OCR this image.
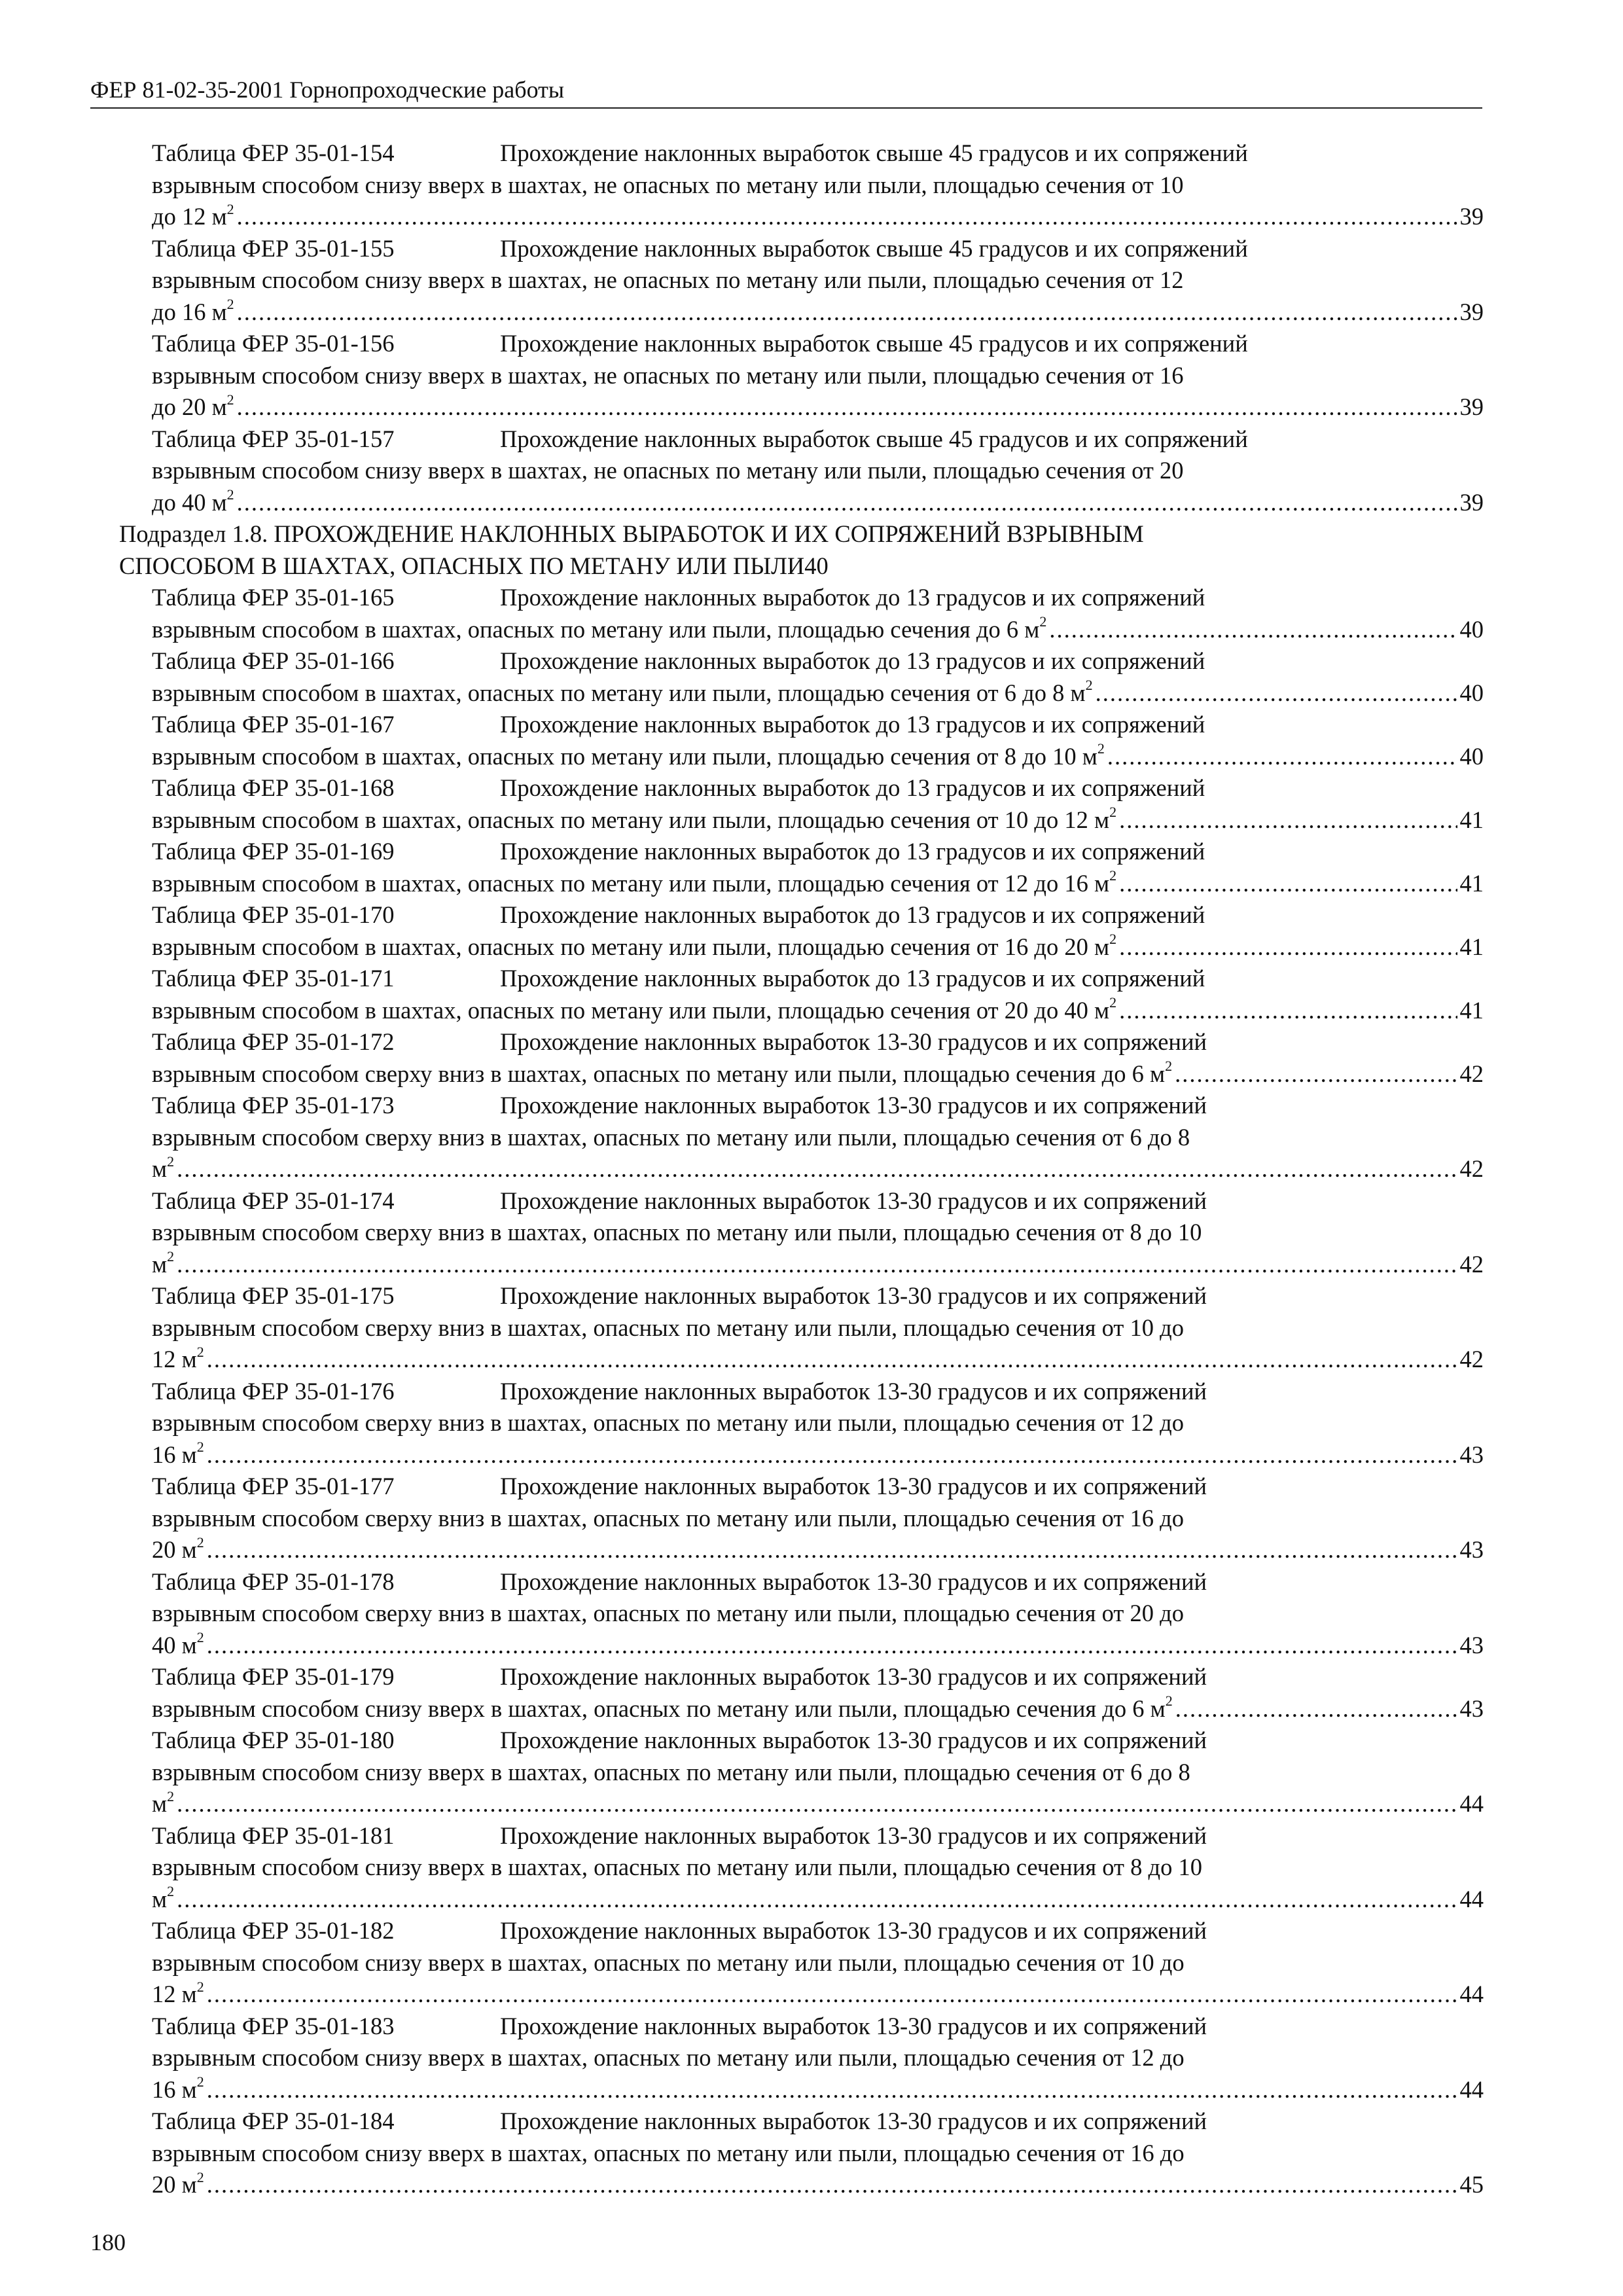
ФЕР 81-02-35-2001 Горнопроходческие работы
Таблица ФЕР 35-01-154	Прохождение наклонных выработок свыше 45 градусов и их сопряжений
взрывным способом снизу вверх в шахтах, не опасных по метану или пыли, площадью сечения от 10
до 12 $м^2$ .....	39
Таблица ФЕР 35-01-155	Прохождение наклонных выработок свыше 45 градусов и их сопряжений
взрывным способом снизу вверх в шахтах, не опасных по метану или пыли, площадью сечения от 12
до 16 $м^2$ .....	39
Таблица ФЕР 35-01-156	Прохождение наклонных выработок свыше 45 градусов и их сопряжений
взрывным способом снизу вверх в шахтах, не опасных по метану или пыли, площадью сечения от 16
до 20 $м^2$ .....	39
Таблица ФЕР 35-01-157	Прохождение наклонных выработок свыше 45 градусов и их сопряжений
взрывным способом снизу вверх в шахтах, не опасных по метану или пыли, площадью сечения от 20
до 40 $м^2$ .....	39
Подраздел 1.8. ПРОХОЖДЕНИЕ НАКЛОННЫХ ВЫРАБОТОК И ИХ СОПРЯЖЕНИЙ ВЗРЫВНЫМ
СПОСОБОМ В ШАХТАХ, ОПАСНЫХ ПО МЕТАНУ ИЛИ ПЫЛИ40
Таблица ФЕР 35-01-165	Прохождение наклонных выработок до 13 градусов и их сопряжений
взрывным способом в шахтах, опасных по метану или пыли, площадью сечения до 6 $м^2$ .....	40
Таблица ФЕР 35-01-166	Прохождение наклонных выработок до 13 градусов и их сопряжений
взрывным способом в шахтах, опасных по метану или пыли, площадью сечения от 6 до 8 $м^2$ .....	40
Таблица ФЕР 35-01-167	Прохождение наклонных выработок до 13 градусов и их сопряжений
взрывным способом в шахтах, опасных по метану или пыли, площадью сечения от 8 до 10 $м^2$ .....	40
Таблица ФЕР 35-01-168	Прохождение наклонных выработок до 13 градусов и их сопряжений
взрывным способом в шахтах, опасных по метану или пыли, площадью сечения от 10 до 12 $м^2$ .....	41
Таблица ФЕР 35-01-169	Прохождение наклонных выработок до 13 градусов и их сопряжений
взрывным способом в шахтах, опасных по метану или пыли, площадью сечения от 12 до 16 $м^2$ .....	41
Таблица ФЕР 35-01-170	Прохождение наклонных выработок до 13 градусов и их сопряжений
взрывным способом в шахтах, опасных по метану или пыли, площадью сечения от 16 до 20 $м^2$ .....	41
Таблица ФЕР 35-01-171	Прохождение наклонных выработок до 13 градусов и их сопряжений
взрывным способом в шахтах, опасных по метану или пыли, площадью сечения от 20 до 40 $м^2$ .....	41
Таблица ФЕР 35-01-172	Прохождение наклонных выработок 13-30 градусов и их сопряжений
взрывным способом сверху вниз в шахтах, опасных по метану или пыли, площадью сечения до 6 $м^2$ .....	42
Таблица ФЕР 35-01-173	Прохождение наклонных выработок 13-30 градусов и их сопряжений
взрывным способом сверху вниз в шахтах, опасных по метану или пыли, площадью сечения от 6 до 8
$м^2$ .....	42
Таблица ФЕР 35-01-174	Прохождение наклонных выработок 13-30 градусов и их сопряжений
взрывным способом сверху вниз в шахтах, опасных по метану или пыли, площадью сечения от 8 до 10
$м^2$ .....	42
Таблица ФЕР 35-01-175	Прохождение наклонных выработок 13-30 градусов и их сопряжений
взрывным способом сверху вниз в шахтах, опасных по метану или пыли, площадью сечения от 10 до
12 $м^2$ .....	42
Таблица ФЕР 35-01-176	Прохождение наклонных выработок 13-30 градусов и их сопряжений
взрывным способом сверху вниз в шахтах, опасных по метану или пыли, площадью сечения от 12 до
16 $м^2$ .....	43
Таблица ФЕР 35-01-177	Прохождение наклонных выработок 13-30 градусов и их сопряжений
взрывным способом сверху вниз в шахтах, опасных по метану или пыли, площадью сечения от 16 до
20 $м^2$ .....	43
Таблица ФЕР 35-01-178	Прохождение наклонных выработок 13-30 градусов и их сопряжений
взрывным способом сверху вниз в шахтах, опасных по метану или пыли, площадью сечения от 20 до
40 $м^2$ .....	43
Таблица ФЕР 35-01-179	Прохождение наклонных выработок 13-30 градусов и их сопряжений
взрывным способом снизу вверх в шахтах, опасных по метану или пыли, площадью сечения до 6 $м^2$ .....	43
Таблица ФЕР 35-01-180	Прохождение наклонных выработок 13-30 градусов и их сопряжений
взрывным способом снизу вверх в шахтах, опасных по метану или пыли, площадью сечения от 6 до 8
$м^2$ .....	44
Таблица ФЕР 35-01-181	Прохождение наклонных выработок 13-30 градусов и их сопряжений
взрывным способом снизу вверх в шахтах, опасных по метану или пыли, площадью сечения от 8 до 10
$м^2$ .....	44
Таблица ФЕР 35-01-182	Прохождение наклонных выработок 13-30 градусов и их сопряжений
взрывным способом снизу вверх в шахтах, опасных по метану или пыли, площадью сечения от 10 до
12 $м^2$ .....	44
Таблица ФЕР 35-01-183	Прохождение наклонных выработок 13-30 градусов и их сопряжений
взрывным способом снизу вверх в шахтах, опасных по метану или пыли, площадью сечения от 12 до
16 $м^2$ .....	44
Таблица ФЕР 35-01-184	Прохождение наклонных выработок 13-30 градусов и их сопряжений
взрывным способом снизу вверх в шахтах, опасных по метану или пыли, площадью сечения от 16 до
20 $м^2$ .....	45
180
